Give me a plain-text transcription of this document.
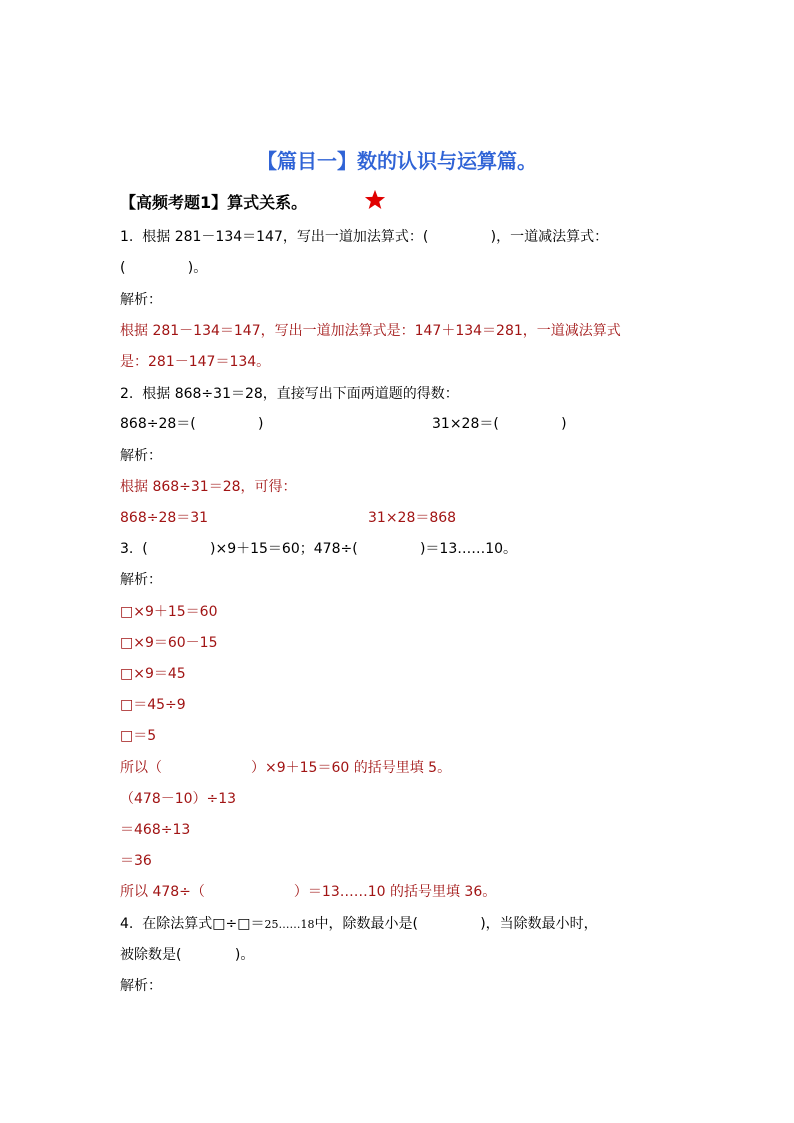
【篇目一】数的认识与运算篇。
【高频考题1】算式关系。
1.  根据 281－134＝147，写出一道加法算式：(              )，一道减法算式：
(              )。
解析：
根据 281－134＝147，写出一道加法算式是：147＋134＝281，一道减法算式
是：281－147＝134。
2.  根据 868÷31＝28，直接写出下面两道题的得数：
868÷28＝(              )	31×28＝(              )
解析：
根据 868÷31＝28，可得：
868÷28＝31	31×28＝868
3.  (              )×9＋15＝60；478÷(              )＝13……10。
解析：
□×9＋15＝60
□×9＝60－15
□×9＝45
□＝45÷9
□＝5
所以（                    ）×9＋15＝60 的括号里填 5。
（478－10）÷13
＝468÷13
＝36
所以 478÷（                    ）＝13……10 的括号里填 36。
4.  在除法算式□÷□＝25……18中，除数最小是(              )，当除数最小时，
被除数是(            )。
解析：
